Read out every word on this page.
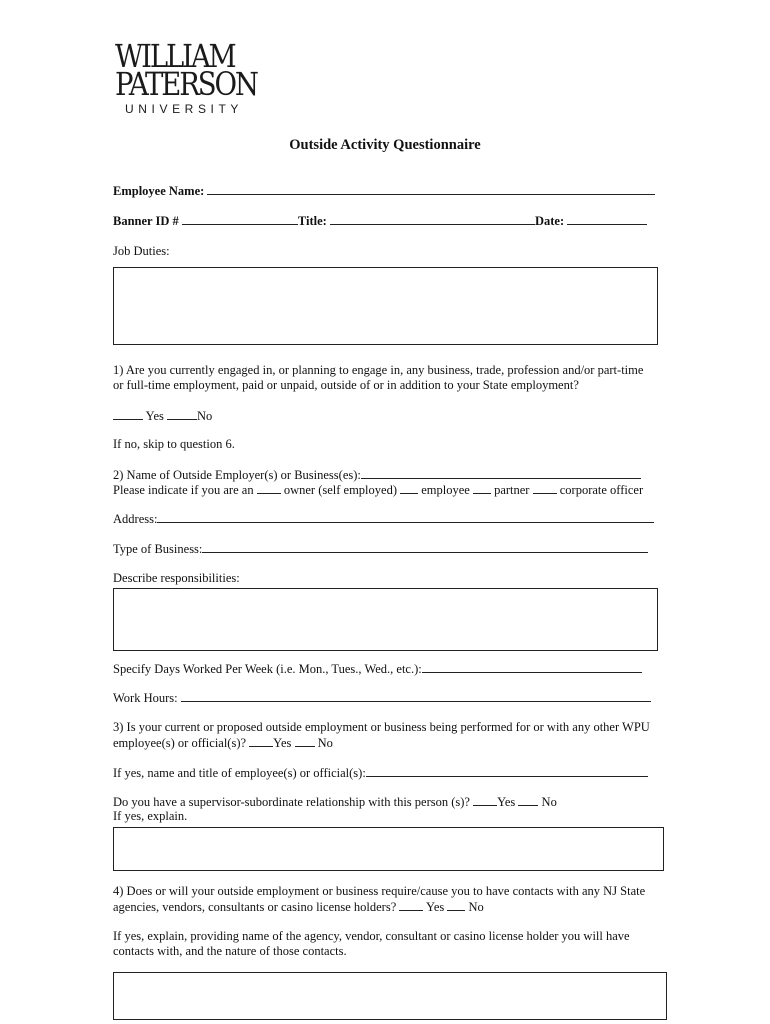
WILLIAM
PATERSON
UNIVERSITY
Outside Activity Questionnaire
Employee Name:
Banner ID #	Title:	Date:
Job Duties:
1) Are you currently engaged in, or planning to engage in, any business, trade, profession and/or part-time
or full-time employment, paid or unpaid, outside of or in addition to your State employment?
Yes	No
If no, skip to question 6.
2) Name of Outside Employer(s) or Business(es):
Please indicate if you are an owner (self employed) employee partner corporate officer
Address:
Type of Business:
Describe responsibilities:
Specify Days Worked Per Week (i.e. Mon., Tues., Wed., etc.):
Work Hours:
3) Is your current or proposed outside employment or business being performed for or with any other WPU
employee(s) or official(s)? Yes No
If yes, name and title of employee(s) or official(s):
Do you have a supervisor-subordinate relationship with this person (s)? Yes No
If yes, explain.
4) Does or will your outside employment or business require/cause you to have contacts with any NJ State
agencies, vendors, consultants or casino license holders? Yes No
If yes, explain, providing name of the agency, vendor, consultant or casino license holder you will have
contacts with, and the nature of those contacts.
